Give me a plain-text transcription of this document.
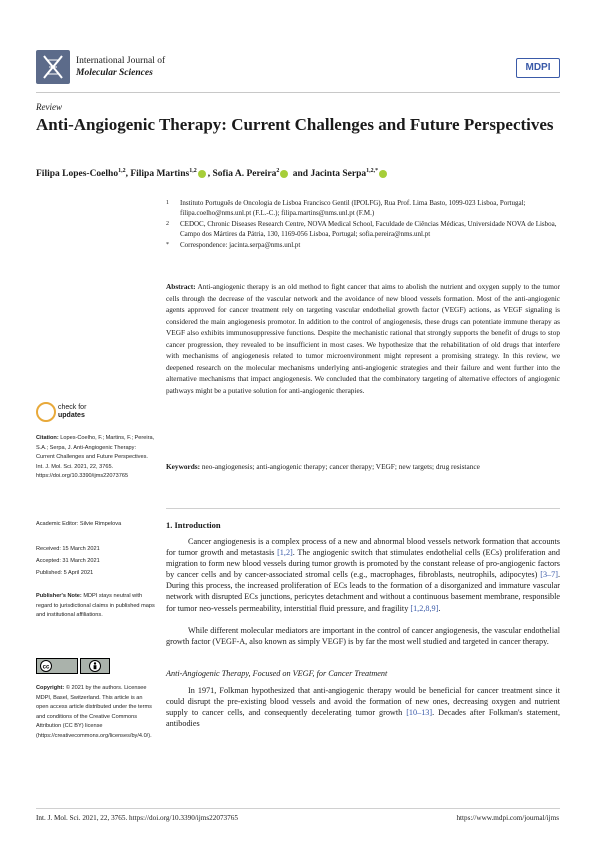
International Journal of
Molecular Sciences	MDPI
Review
Anti-Angiogenic Therapy: Current Challenges and Future Perspectives
Filipa Lopes-Coelho$^{1,2}$, Filipa Martins$^{1,2}$ , Sofia A. Pereira$^2$ and Jacinta Serpa$^{1,2,*}$
1 Instituto Português de Oncologia de Lisboa Francisco Gentil (IPOLFG), Rua Prof. Lima Basto, 1099-023 Lisboa, Portugal; filipa.coelho@nms.unl.pt (F.L.-C.); filipa.martins@nms.unl.pt (F.M.)
2 CEDOC, Chronic Diseases Research Centre, NOVA Medical School, Faculdade de Ciências Médicas, Universidade NOVA de Lisboa, Campo dos Mártires da Pátria, 130, 1169-056 Lisboa, Portugal; sofia.pereira@nms.unl.pt
* Correspondence: jacinta.serpa@nms.unl.pt
Abstract: Anti-angiogenic therapy is an old method to fight cancer that aims to abolish the nutrient and oxygen supply to the tumor cells through the decrease of the vascular network and the avoidance of new blood vessels formation. Most of the anti-angiogenic agents approved for cancer treatment rely on targeting vascular endothelial growth factor (VEGF) actions, as VEGF signaling is considered the main angiogenesis promotor. In addition to the control of angiogenesis, these drugs can potentiate immune therapy as VEGF also exhibits immunosuppressive functions. Despite the mechanistic rational that strongly supports the benefit of drugs to stop cancer progression, they revealed to be insufficient in most cases. We hypothesize that the rehabilitation of old drugs that interfere with mechanisms of angiogenesis related to tumor microenvironment might represent a promising strategy. In this review, we deepened research on the molecular mechanisms underlying anti-angiogenic strategies and their failure and went further into the alternative mechanisms that impact angiogenesis. We concluded that the combinatory targeting of alternative effectors of angiogenic pathways might be a putative solution for anti-angiogenic therapies.
Keywords: neo-angiogenesis; anti-angiogenic therapy; cancer therapy; VEGF; new targets; drug resistance
check for
updates
Citation: Lopes-Coelho, F.; Martins, F.; Pereira, S.A.; Serpa, J. Anti-Angiogenic Therapy: Current Challenges and Future Perspectives. Int. J. Mol. Sci. 2021, 22, 3765. https://doi.org/10.3390/ijms22073765
Academic Editor: Silvie Rimpelova
Received: 15 March 2021
Accepted: 31 March 2021
Published: 5 April 2021
Publisher's Note: MDPI stays neutral with regard to jurisdictional claims in published maps and institutional affiliations.
cc
Copyright: © 2021 by the authors. Licensee MDPI, Basel, Switzerland. This article is an open access article distributed under the terms and conditions of the Creative Commons Attribution (CC BY) license (https://creativecommons.org/licenses/by/4.0/).
1. Introduction
Cancer angiogenesis is a complex process of a new and abnormal blood vessels network formation that accounts for tumor growth and metastasis [1,2]. The angiogenic switch that stimulates endothelial cells (ECs) proliferation and migration to form new blood vessels during tumor growth is promoted by the constant release of pro-angiogenic factors by cancer cells and by cancer-associated stromal cells (e.g., macrophages, fibroblasts, neutrophils, adipocytes) [3–7]. During this process, the increased proliferation of ECs leads to the formation of a disorganized and immature vascular network with disrupted ECs junctions, pericytes detachment and without a continuous basement membrane, responsible for tumor neo-vessels permeability, interstitial fluid pressure, and fragility [1,2,8,9].
While different molecular mediators are important in the control of cancer angiogenesis, the vascular endothelial growth factor (VEGF-A, also known as simply VEGF) is by far the most well studied and targeted in cancer therapy.
Anti-Angiogenic Therapy, Focused on VEGF, for Cancer Treatment
In 1971, Folkman hypothesized that anti-angiogenic therapy would be beneficial for cancer treatment since it could disrupt the pre-existing blood vessels and avoid the formation of new ones, decreasing oxygen and nutrient supply to cancer cells, and consequently decelerating tumor growth [10–13]. Decades after Folkman's statement, antibodies
Int. J. Mol. Sci. 2021, 22, 3765. https://doi.org/10.3390/ijms22073765	https://www.mdpi.com/journal/ijms
